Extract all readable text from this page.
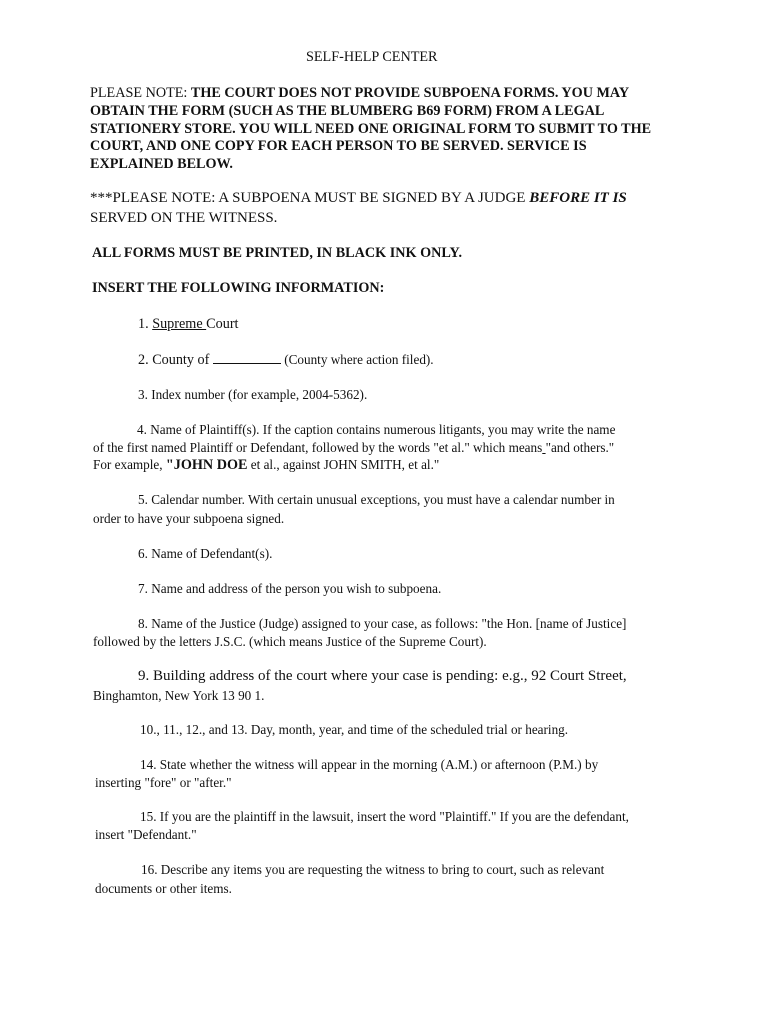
SELF-HELP CENTER

PLEASE NOTE: THE COURT DOES NOT PROVIDE SUBPOENA FORMS. YOU MAY

OBTAIN THE FORM (SUCH AS THE BLUMBERG B69 FORM) FROM A LEGAL

STATIONERY STORE. YOU WILL NEED ONE ORIGINAL FORM TO SUBMIT TO THE

COURT, AND ONE COPY FOR EACH PERSON TO BE SERVED. SERVICE IS

EXPLAINED BELOW.

***PLEASE NOTE: A SUBPOENA MUST BE SIGNED BY A JUDGE BEFORE IT IS

SERVED ON THE WITNESS.

ALL FORMS MUST BE PRINTED, IN BLACK INK ONLY.

INSERT THE FOLLOWING INFORMATION:

1. Supreme Court

2. County of	(County where action filed).

3. Index number (for example, 2004-5362).

4. Name of Plaintiff(s). If the caption contains numerous litigants, you may write the name

of the first named Plaintiff or Defendant, followed by the words "et al." which means "and others."

For example, "JOHN DOE et al., against JOHN SMITH, et al."

5. Calendar number. With certain unusual exceptions, you must have a calendar number in

order to have your subpoena signed.

6. Name of Defendant(s).

7. Name and address of the person you wish to subpoena.

8. Name of the Justice (Judge) assigned to your case, as follows: "the Hon. [name of Justice]

followed by the letters J.S.C. (which means Justice of the Supreme Court).

9. Building address of the court where your case is pending: e.g., 92 Court Street,

Binghamton, New York 13 90 1.

10., 11., 12., and 13. Day, month, year, and time of the scheduled trial or hearing.

14. State whether the witness will appear in the morning (A.M.) or afternoon (P.M.) by

inserting "fore" or "after."

15. If you are the plaintiff in the lawsuit, insert the word "Plaintiff." If you are the defendant,

insert "Defendant."

16. Describe any items you are requesting the witness to bring to court, such as relevant

documents or other items.
